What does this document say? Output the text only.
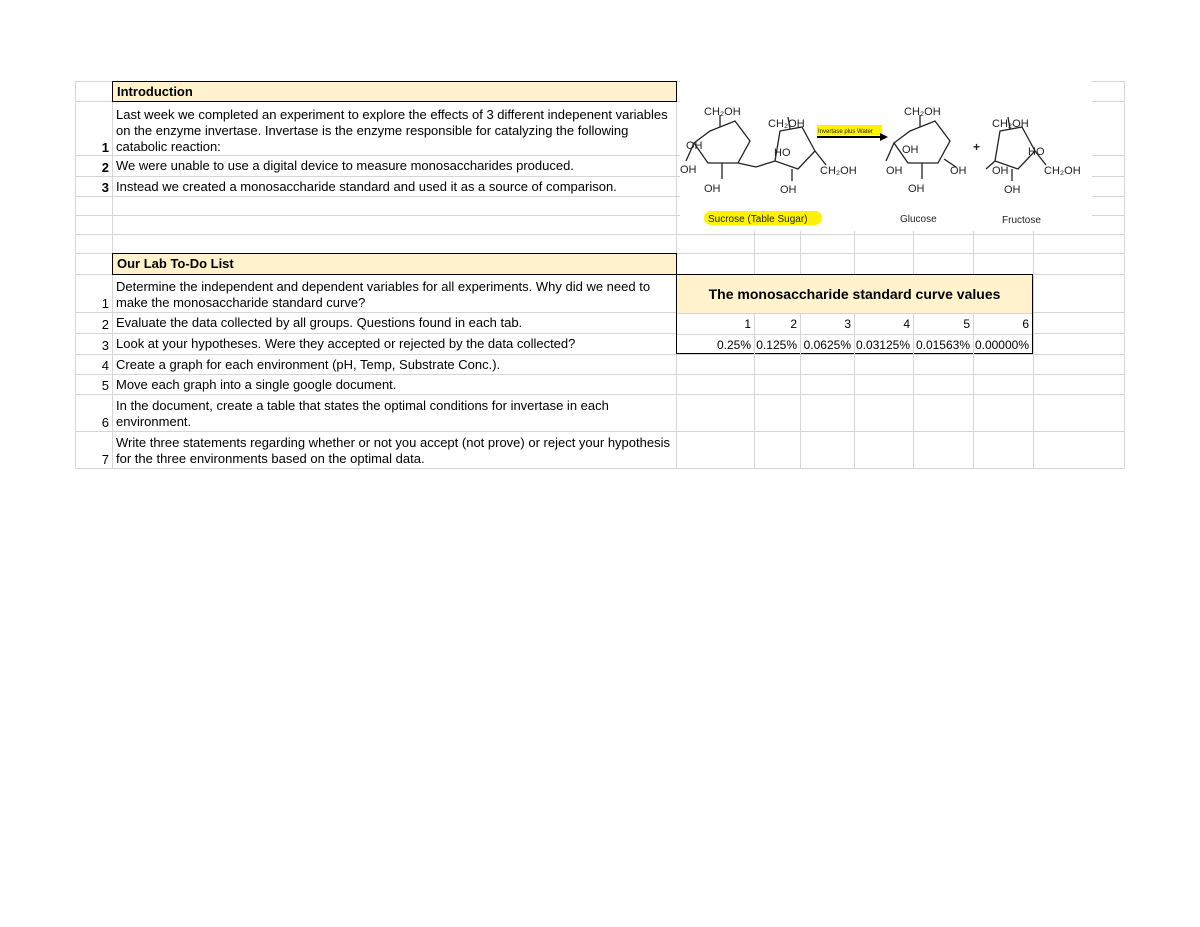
Introduction
1
Last week we completed an experiment to explore the effects of 3 different indepenent variables on the enzyme invertase. Invertase is the enzyme responsible for catalyzing the following catabolic reaction:
2 We were unable to use a digital device to measure monosaccharides produced.
3 Instead we created a monosaccharide standard and used it as a source of comparison.
CH₂OH
OH
OH
OH
CH₂OH
HO
CH₂OH
OH
CH₂OH
OH
OH	OH
OH
CH₂OH
HO
CH₂OH
OH
OH
Invertase plus Water
+
Sucrose (Table Sugar)	Glucose	Fructose
Our Lab To-Do List
1
Determine the independent and dependent variables for all experiments. Why did we need to make the monosaccharide standard curve?
2 Evaluate the data collected by all groups. Questions found in each tab.
3 Look at your hypotheses. Were they accepted or rejected by the data collected?
4 Create a graph for each environment (pH, Temp, Substrate Conc.).
5 Move each graph into a single google document.
6
In the document, create a table that states the optimal conditions for invertase in each environment.
7
Write three statements regarding whether or not you accept (not prove) or reject your hypothesis for the three environments based on the optimal data.
The monosaccharide standard curve values
1	2	3	4	5	6
0.25% 0.125% 0.0625% 0.03125% 0.01563% 0.00000%
